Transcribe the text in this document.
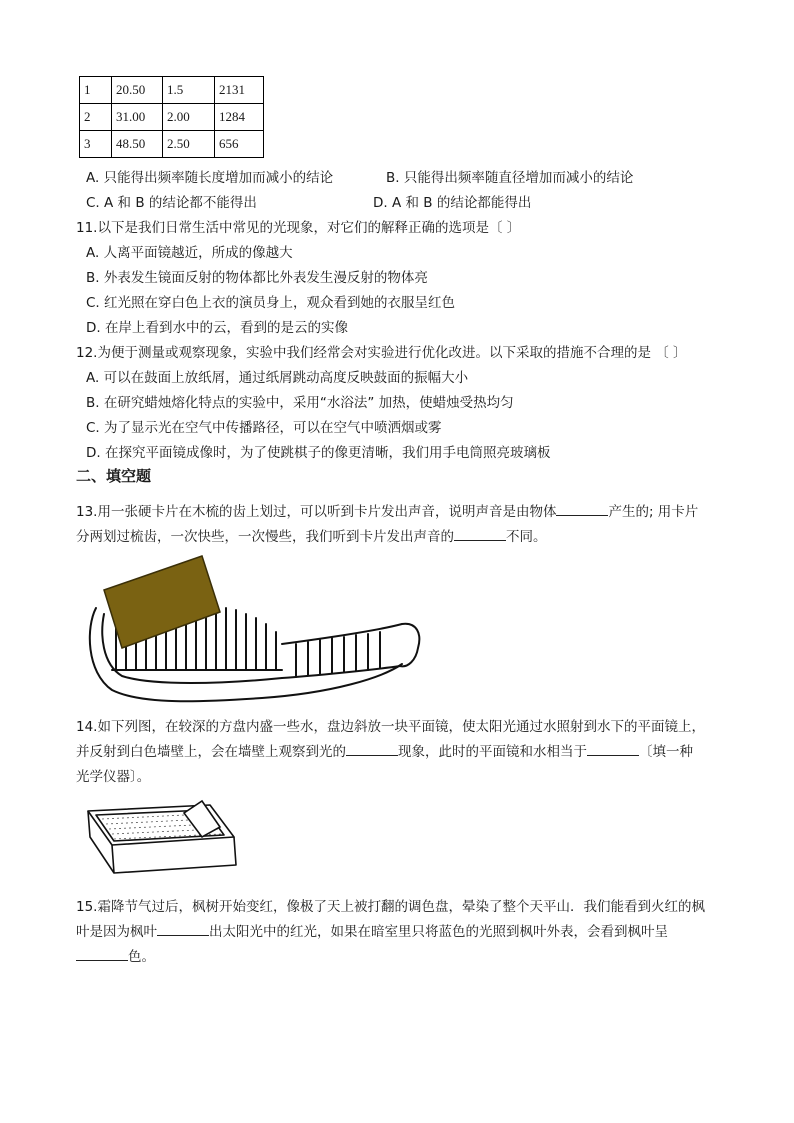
1	20.50	1.5	2131
2	31.00	2.00	1284
3	48.50	2.50	656
A. 只能得出频率随长度增加而减小的结论	B. 只能得出频率随直径增加而减小的结论
C. A 和 B 的结论都不能得出	D. A 和 B 的结论都能得出
11.以下是我们日常生活中常见的光现象，对它们的解释正确的选项是〔 〕
A. 人离平面镜越近，所成的像越大
B. 外表发生镜面反射的物体都比外表发生漫反射的物体亮
C. 红光照在穿白色上衣的演员身上，观众看到她的衣服呈红色
D. 在岸上看到水中的云，看到的是云的实像
12.为便于测量或观察现象，实验中我们经常会对实验进行优化改进。以下采取的措施不合理的是 〔 〕
A. 可以在鼓面上放纸屑，通过纸屑跳动高度反映鼓面的振幅大小
B. 在研究蜡烛熔化特点的实验中，采用“水浴法” 加热，使蜡烛受热均匀
C. 为了显示光在空气中传播路径，可以在空气中喷洒烟或雾
D. 在探究平面镜成像时，为了使跳棋子的像更清晰，我们用手电筒照亮玻璃板
二、填空题
13.用一张硬卡片在木梳的齿上划过，可以听到卡片发出声音，说明声音是由物体	产生的; 用卡片
分两划过梳齿，一次快些，一次慢些，我们听到卡片发出声音的	不同。
14.如下列图，在较深的方盘内盛一些水，盘边斜放一块平面镜，使太阳光通过水照射到水下的平面镜上，
并反射到白色墙壁上，会在墙壁上观察到光的	现象，此时的平面镜和水相当于	〔填一种
光学仪器〕。
15.霜降节气过后，枫树开始变红，像极了天上被打翻的调色盘，晕染了整个天平山．我们能看到火红的枫
叶是因为枫叶	出太阳光中的红光，如果在暗室里只将蓝色的光照到枫叶外表，会看到枫叶呈
色。
